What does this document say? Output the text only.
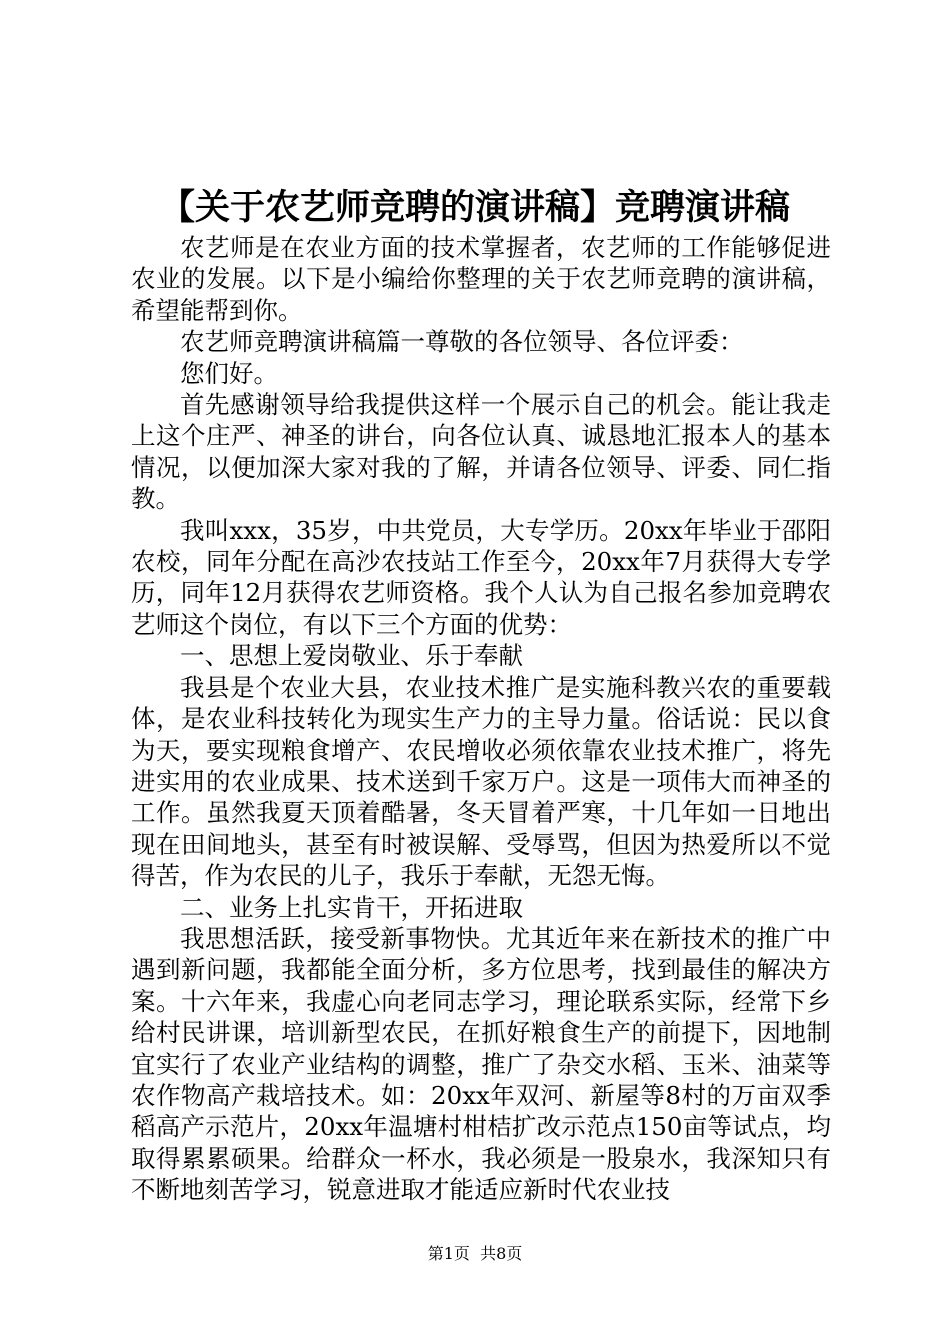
【关于农艺师竞聘的演讲稿】竞聘演讲稿

农艺师是在农业方面的技术掌握者，农艺师的工作能够促进农业的发展。以下是小编给你整理的关于农艺师竞聘的演讲稿，希望能帮到你。

农艺师竞聘演讲稿篇一尊敬的各位领导、各位评委：

您们好。

首先感谢领导给我提供这样一个展示自己的机会。能让我走上这个庄严、神圣的讲台，向各位认真、诚恳地汇报本人的基本情况，以便加深大家对我的了解，并请各位领导、评委、同仁指教。

我叫xxx，35岁，中共党员，大专学历。20xx年毕业于邵阳农校，同年分配在高沙农技站工作至今，20xx年7月获得大专学历，同年12月获得农艺师资格。我个人认为自己报名参加竞聘农艺师这个岗位，有以下三个方面的优势：

一、思想上爱岗敬业、乐于奉献

我县是个农业大县，农业技术推广是实施科教兴农的重要载体，是农业科技转化为现实生产力的主导力量。俗话说：民以食为天，要实现粮食增产、农民增收必须依靠农业技术推广，将先进实用的农业成果、技术送到千家万户。这是一项伟大而神圣的工作。虽然我夏天顶着酷暑，冬天冒着严寒，十几年如一日地出现在田间地头，甚至有时被误解、受辱骂，但因为热爱所以不觉得苦，作为农民的儿子，我乐于奉献，无怨无悔。

二、业务上扎实肯干，开拓进取

我思想活跃，接受新事物快。尤其近年来在新技术的推广中遇到新问题，我都能全面分析，多方位思考，找到最佳的解决方案。十六年来，我虚心向老同志学习，理论联系实际，经常下乡给村民讲课，培训新型农民，在抓好粮食生产的前提下，因地制宜实行了农业产业结构的调整，推广了杂交水稻、玉米、油菜等农作物高产栽培技术。如：20xx年双河、新屋等8村的万亩双季稻高产示范片，20xx年温塘村柑桔扩改示范点150亩等试点，均取得累累硕果。给群众一杯水，我必须是一股泉水，我深知只有不断地刻苦学习，锐意进取才能适应新时代农业技

第1页 共8页
